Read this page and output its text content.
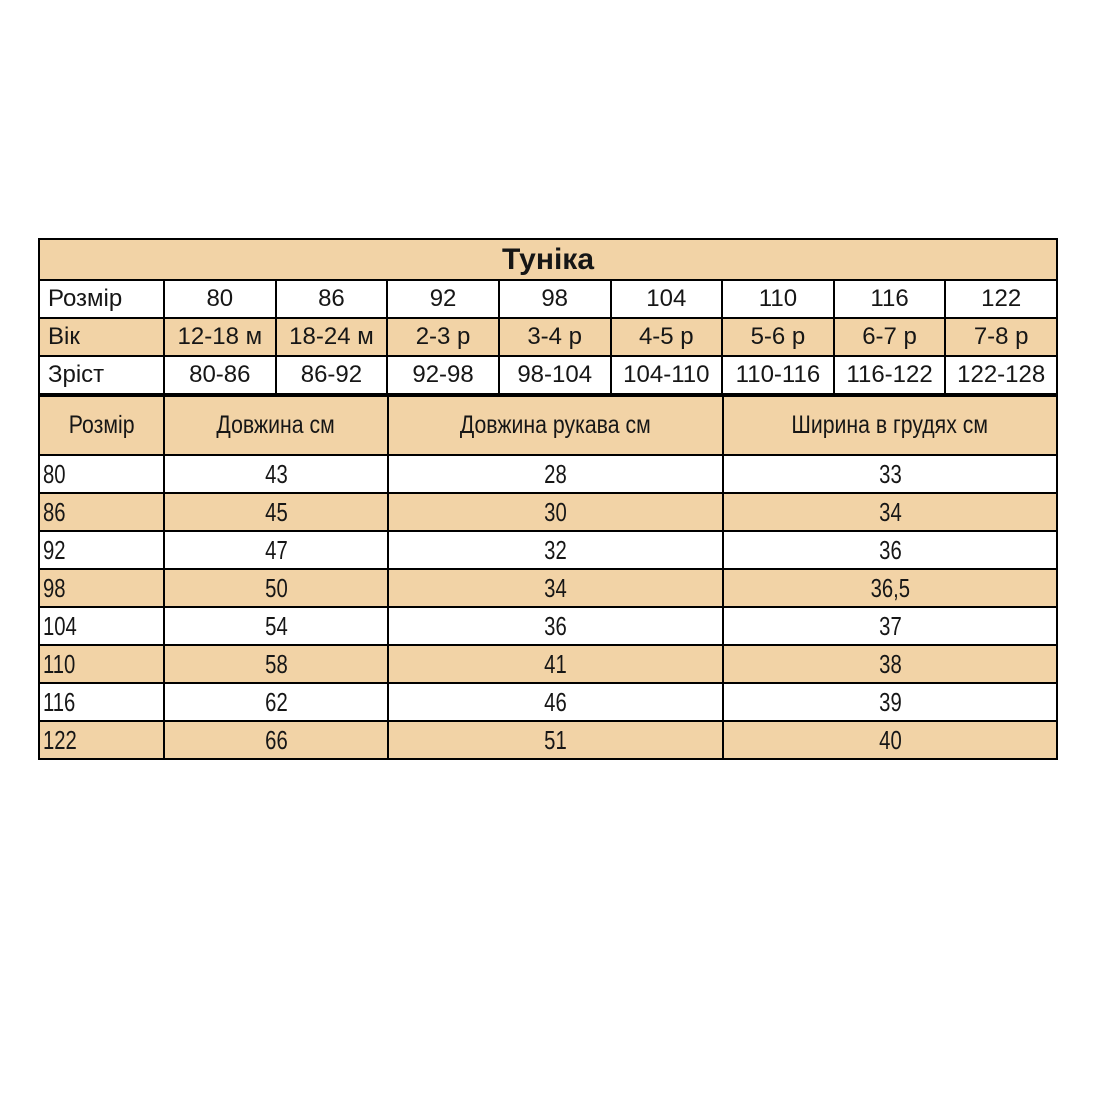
Туніка								
Розмір	80	86	92	98	104	110	116	122
Вік	12-18 м	18-24 м	2-3 р	3-4 р	4-5 р	5-6 р	6-7 р	7-8 р
Зріст	80-86	86-92	92-98	98-104	104-110	110-116	116-122	122-128
Розмір	Довжина см	Довжина рукава см	Ширина в грудях см
80	43	28	33
86	45	30	34
92	47	32	36
98	50	34	36,5
104	54	36	37
110	58	41	38
116	62	46	39
122	66	51	40
